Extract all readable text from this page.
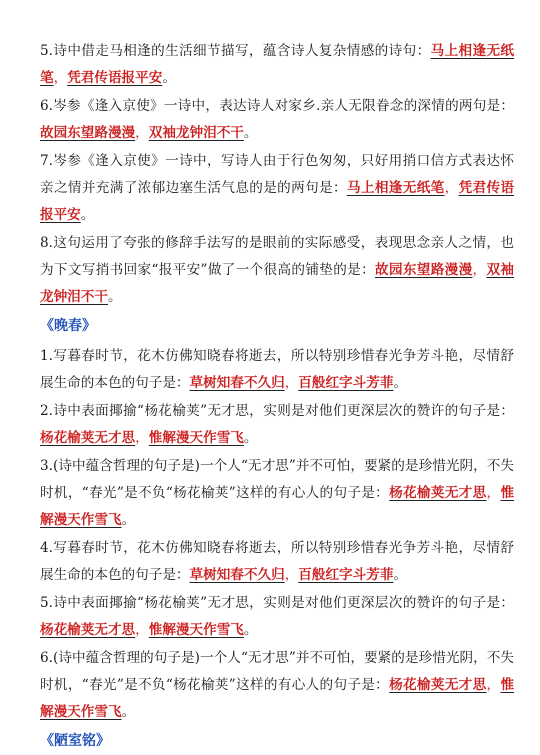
5.诗中借走马相逢的生活细节描写，蕴含诗人复杂情感的诗句：马上相逢无纸笔，凭君传语报平安。
6.岑参《逢入京使》一诗中，表达诗人对家乡.亲人无限眷念的深情的两句是：故园东望路漫漫，双袖龙钟泪不干。
7.岑参《逢入京使》一诗中，写诗人由于行色匆匆，只好用捎口信方式表达怀亲之情并充满了浓郁边塞生活气息的是的两句是：马上相逢无纸笔，凭君传语报平安。
8.这句运用了夸张的修辞手法写的是眼前的实际感受，表现思念亲人之情，也为下文写捎书回家“报平安”做了一个很高的铺垫的是：故园东望路漫漫，双袖龙钟泪不干。
《晚春》
1.写暮春时节，花木仿佛知晓春将逝去，所以特别珍惜春光争芳斗艳，尽情舒展生命的本色的句子是：草树知春不久归，百般红字斗芳菲。
2.诗中表面揶揄“杨花榆荚”无才思，实则是对他们更深层次的赞许的句子是：杨花榆荚无才思，惟解漫天作雪飞。
3.(诗中蕴含哲理的句子是)一个人“无才思”并不可怕，要紧的是珍惜光阴，不失时机，“春光”是不负“杨花榆荚”这样的有心人的句子是：杨花榆荚无才思，惟解漫天作雪飞。
4.写暮春时节，花木仿佛知晓春将逝去，所以特别珍惜春光争芳斗艳，尽情舒展生命的本色的句子是：草树知春不久归，百般红字斗芳菲。
5.诗中表面揶揄“杨花榆荚”无才思，实则是对他们更深层次的赞许的句子是：杨花榆荚无才思，惟解漫天作雪飞。
6.(诗中蕴含哲理的句子是)一个人“无才思”并不可怕，要紧的是珍惜光阴，不失时机，“春光”是不负“杨花榆荚”这样的有心人的句子是：杨花榆荚无才思，惟解漫天作雪飞。
《陋室铭》
